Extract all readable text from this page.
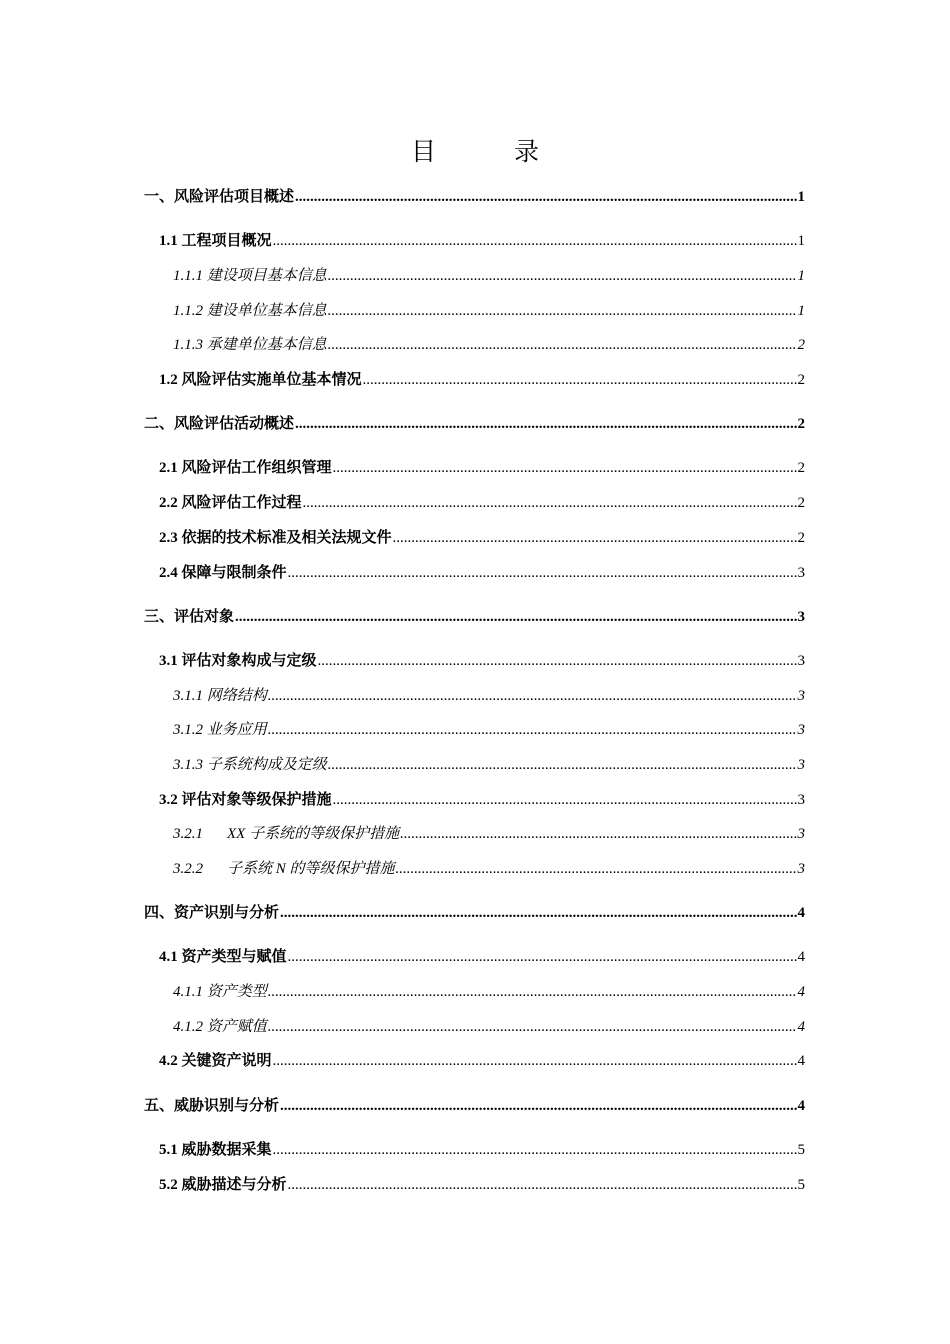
目	录
一、风险评估项目概述 .....	1
1.1 工程项目概况 .....	1
1.1.1 建设项目基本信息 .....	1
1.1.2 建设单位基本信息 .....	1
1.1.3 承建单位基本信息 .....	2
1.2 风险评估实施单位基本情况 .....	2
二、风险评估活动概述 .....	2
2.1 风险评估工作组织管理 .....	2
2.2 风险评估工作过程 .....	2
2.3 依据的技术标准及相关法规文件 .....	2
2.4 保障与限制条件 .....	3
三、评估对象 .....	3
3.1 评估对象构成与定级 .....	3
3.1.1 网络结构 .....	3
3.1.2 业务应用 .....	3
3.1.3 子系统构成及定级 .....	3
3.2 评估对象等级保护措施 .....	3
3.2.1 XX 子系统的等级保护措施 .....	3
3.2.2 子系统 N 的等级保护措施 .....	3
四、资产识别与分析 .....	4
4.1 资产类型与赋值 .....	4
4.1.1 资产类型 .....	4
4.1.2 资产赋值 .....	4
4.2 关键资产说明 .....	4
五、威胁识别与分析 .....	4
5.1 威胁数据采集 .....	5
5.2 威胁描述与分析 .....	5
